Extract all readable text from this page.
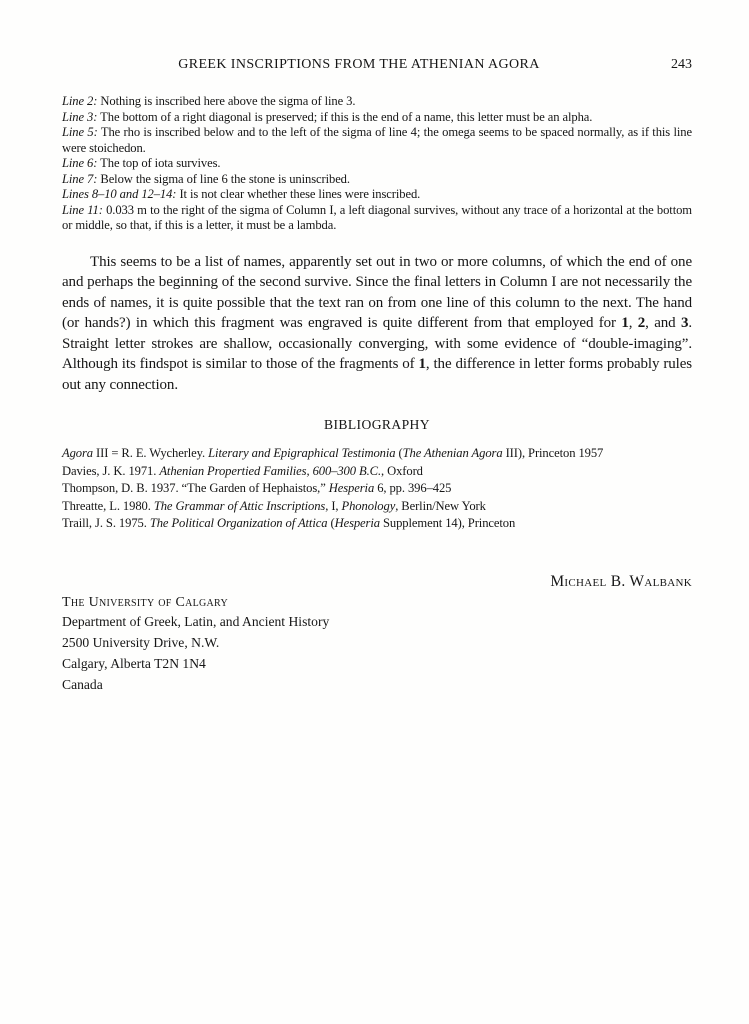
GREEK INSCRIPTIONS FROM THE ATHENIAN AGORA	243

Line 2: Nothing is inscribed here above the sigma of line 3.

Line 3: The bottom of a right diagonal is preserved; if this is the end of a name, this letter must be an alpha.

Line 5: The rho is inscribed below and to the left of the sigma of line 4; the omega seems to be spaced normally, as if this line were stoichedon.

Line 6: The top of iota survives.

Line 7: Below the sigma of line 6 the stone is uninscribed.

Lines 8–10 and 12–14: It is not clear whether these lines were inscribed.

Line 11: 0.033 m to the right of the sigma of Column I, a left diagonal survives, without any trace of a horizontal at the bottom or middle, so that, if this is a letter, it must be a lambda.

This seems to be a list of names, apparently set out in two or more columns, of which the end of one and perhaps the beginning of the second survive. Since the final letters in Column I are not necessarily the ends of names, it is quite possible that the text ran on from one line of this column to the next. The hand (or hands?) in which this fragment was engraved is quite different from that employed for 1, 2, and 3. Straight letter strokes are shallow, occasionally converging, with some evidence of “double-imaging”. Although its findspot is similar to those of the fragments of 1, the difference in letter forms probably rules out any connection.

BIBLIOGRAPHY

Agora III = R. E. Wycherley. Literary and Epigraphical Testimonia (The Athenian Agora III), Princeton 1957

Davies, J. K. 1971. Athenian Propertied Families, 600–300 B.C., Oxford

Thompson, D. B. 1937. “The Garden of Hephaistos,” Hesperia 6, pp. 396–425

Threatte, L. 1980. The Grammar of Attic Inscriptions, I, Phonology, Berlin/New York

Traill, J. S. 1975. The Political Organization of Attica (Hesperia Supplement 14), Princeton

Michael B. Walbank
The University of Calgary
Department of Greek, Latin, and Ancient History
2500 University Drive, N.W.
Calgary, Alberta T2N 1N4
Canada
